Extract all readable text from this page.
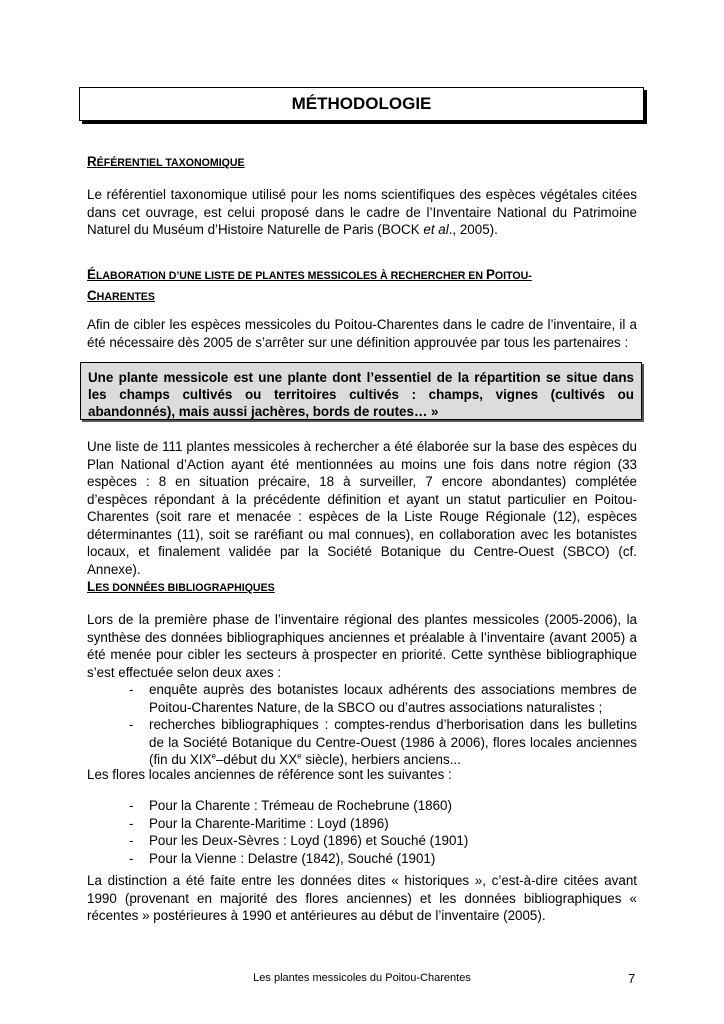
MÉTHODOLOGIE
RÉFÉRENTIEL TAXONOMIQUE

Le référentiel taxonomique utilisé pour les noms scientifiques des espèces végétales citées dans cet ouvrage, est celui proposé dans le cadre de l’Inventaire National du Patrimoine Naturel du Muséum d’Histoire Naturelle de Paris (BOCK et al., 2005).

ÉLABORATION D’UNE LISTE DE PLANTES MESSICOLES À RECHERCHER EN POITOU-
CHARENTES

Afin de cibler les espèces messicoles du Poitou-Charentes dans le cadre de l’inventaire, il a été nécessaire dès 2005 de s’arrêter sur une définition approuvée par tous les partenaires :

Une plante messicole est une plante dont l’essentiel de la répartition se situe dans les champs cultivés ou territoires cultivés : champs, vignes (cultivés ou abandonnés), mais aussi jachères, bords de routes… »

Une liste de 111 plantes messicoles à rechercher a été élaborée sur la base des espèces du Plan National d’Action ayant été mentionnées au moins une fois dans notre région (33 espèces : 8 en situation précaire, 18 à surveiller, 7 encore abondantes) complétée d’espèces répondant à la précédente définition et ayant un statut particulier en Poitou-Charentes (soit rare et menacée : espèces de la Liste Rouge Régionale (12), espèces déterminantes (11), soit se raréfiant ou mal connues), en collaboration avec les botanistes locaux, et finalement validée par la Société Botanique du Centre-Ouest (SBCO) (cf. Annexe).

LES DONNÉES BIBLIOGRAPHIQUES

Lors de la première phase de l’inventaire régional des plantes messicoles (2005-2006), la synthèse des données bibliographiques anciennes et préalable à l’inventaire (avant 2005) a été menée pour cibler les secteurs à prospecter en priorité. Cette synthèse bibliographique s’est effectuée selon deux axes :

- enquête auprès des botanistes locaux adhérents des associations membres de Poitou-Charentes Nature, de la SBCO ou d’autres associations naturalistes ;
- recherches bibliographiques : comptes-rendus d’herborisation dans les bulletins de la Société Botanique du Centre-Ouest (1986 à 2006), flores locales anciennes (fin du XIXe–début du XXe siècle), herbiers anciens...

Les flores locales anciennes de référence sont les suivantes :

- Pour la Charente : Trémeau de Rochebrune (1860)
- Pour la Charente-Maritime : Loyd (1896)
- Pour les Deux-Sèvres : Loyd (1896) et Souché (1901)
- Pour la Vienne : Delastre (1842), Souché (1901)

La distinction a été faite entre les données dites « historiques », c’est-à-dire citées avant 1990 (provenant en majorité des flores anciennes) et les données bibliographiques « récentes » postérieures à 1990 et antérieures au début de l’inventaire (2005).

Les plantes messicoles du Poitou-Charentes	7
